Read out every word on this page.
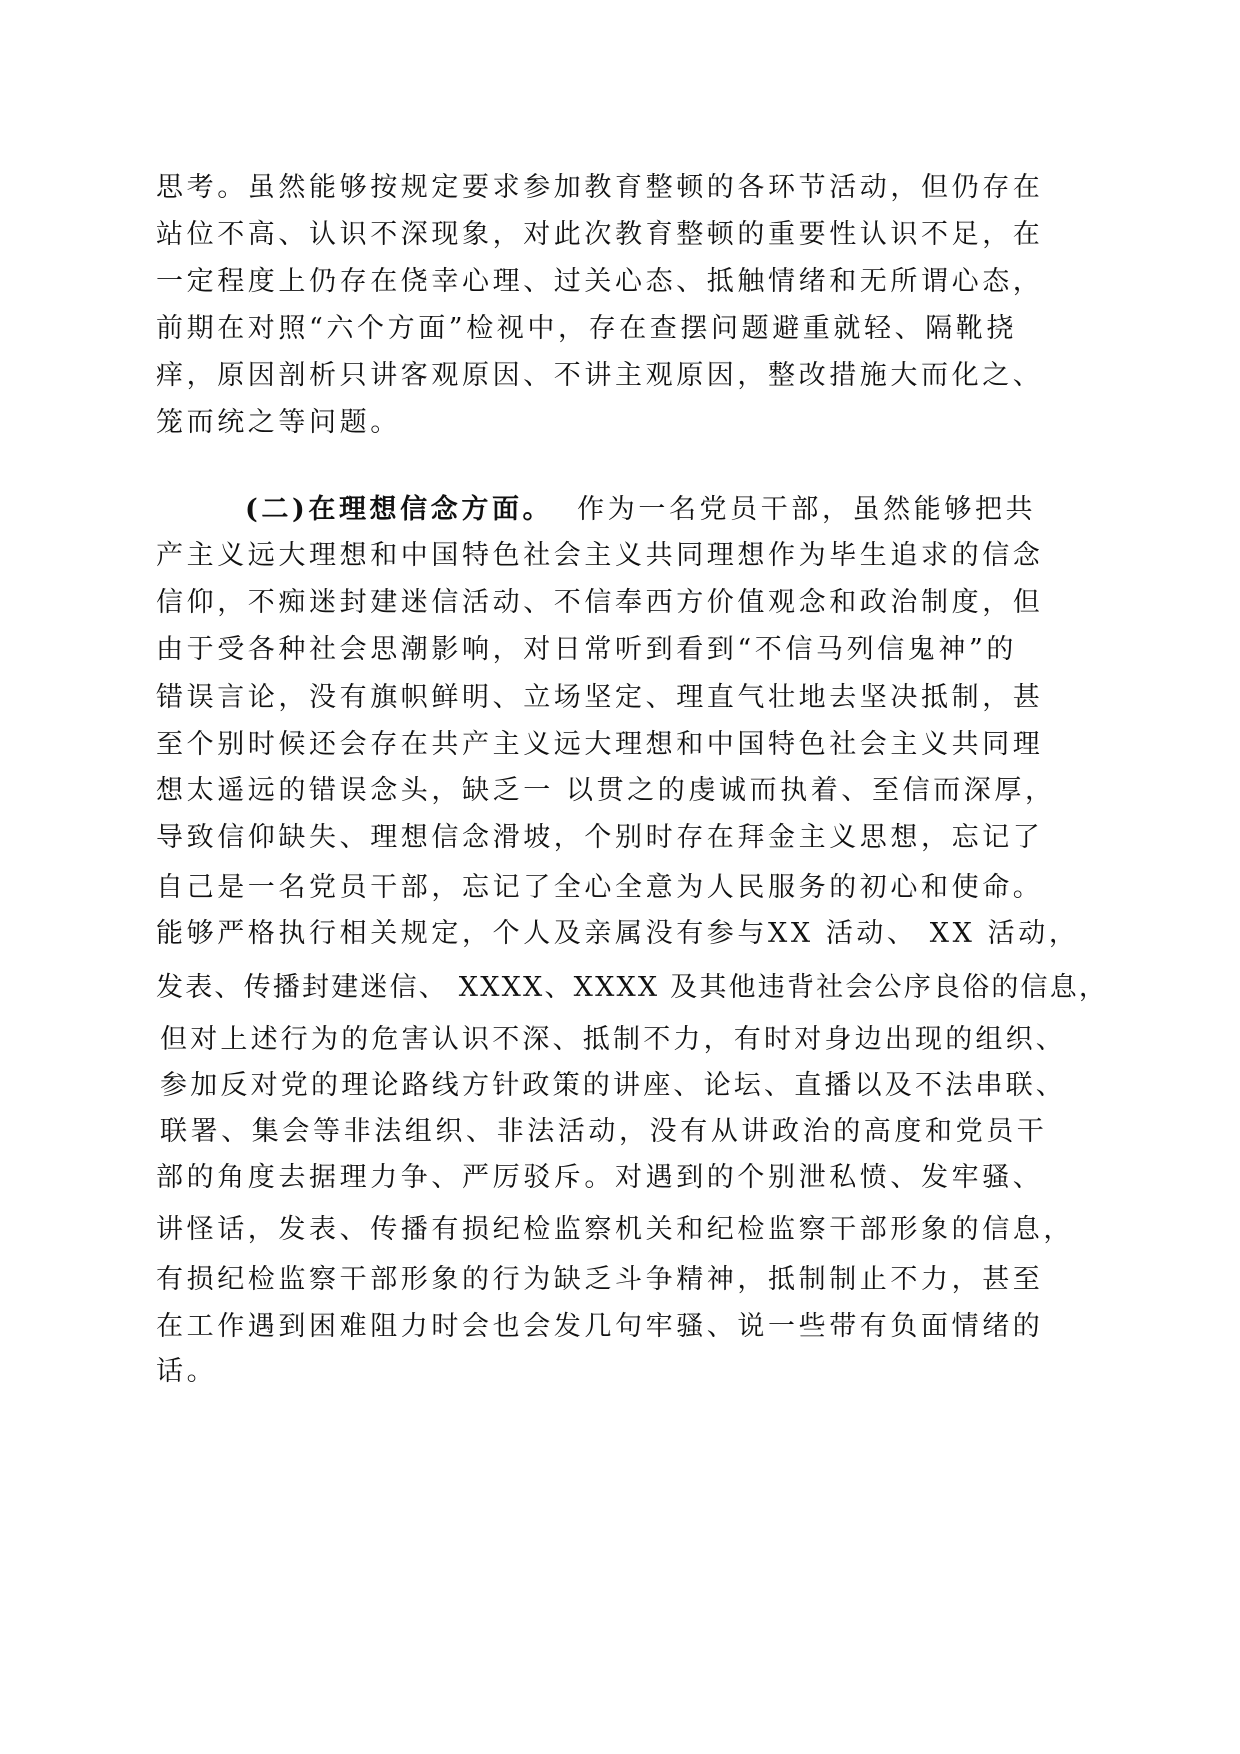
思考。虽然能够按规定要求参加教育整顿的各环节活动，但仍存在
站位不高、认识不深现象，对此次教育整顿的重要性认识不足，在
一定程度上仍存在侥幸心理、过关心态、抵触情绪和无所谓心态，
前期在对照“六个方面”检视中，存在查摆问题避重就轻、隔靴挠
痒，原因剖析只讲客观原因、不讲主观原因，整改措施大而化之、
笼而统之等问题。
(二)在理想信念方面。 作为一名党员干部，虽然能够把共
产主义远大理想和中国特色社会主义共同理想作为毕生追求的信念
信仰，不痴迷封建迷信活动、不信奉西方价值观念和政治制度，但
由于受各种社会思潮影响，对日常听到看到“不信马列信鬼神”的
错误言论，没有旗帜鲜明、立场坚定、理直气壮地去坚决抵制，甚
至个别时候还会存在共产主义远大理想和中国特色社会主义共同理
想太遥远的错误念头，缺乏一 以贯之的虔诚而执着、至信而深厚，
导致信仰缺失、理想信念滑坡，个别时存在拜金主义思想，忘记了
自己是一名党员干部，忘记了全心全意为人民服务的初心和使命。
能够严格执行相关规定，个人及亲属没有参与XX 活动、 XX 活动，
发表、传播封建迷信、 XXXX、XXXX 及其他违背社会公序良俗的信息，
但对上述行为的危害认识不深、抵制不力，有时对身边出现的组织、
参加反对党的理论路线方针政策的讲座、论坛、直播以及不法串联、
联署、集会等非法组织、非法活动，没有从讲政治的高度和党员干
部的角度去据理力争、严厉驳斥。对遇到的个别泄私愤、发牢骚、
讲怪话，发表、传播有损纪检监察机关和纪检监察干部形象的信息，
有损纪检监察干部形象的行为缺乏斗争精神，抵制制止不力，甚至
在工作遇到困难阻力时会也会发几句牢骚、说一些带有负面情绪的
话。
